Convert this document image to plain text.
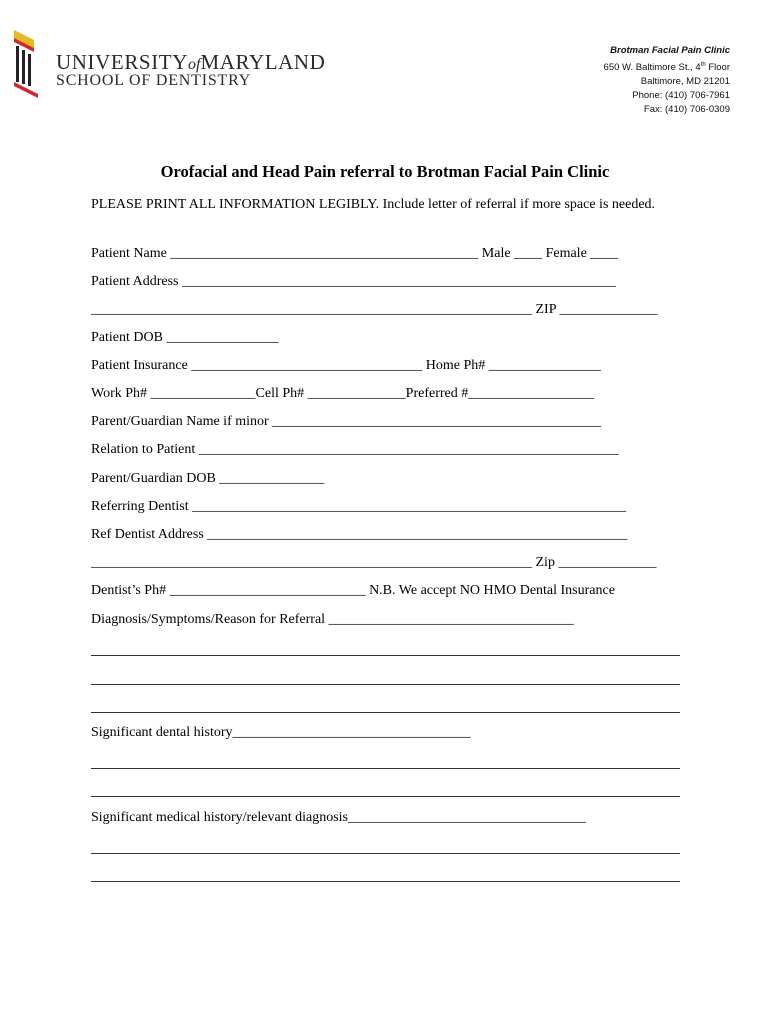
UNIVERSITYofMARYLAND
SCHOOL OF DENTISTRY
Brotman Facial Pain Clinic
650 W. Baltimore St., 4th Floor
Baltimore, MD 21201
Phone: (410) 706-7961
Fax: (410) 706-0309
Orofacial and Head Pain referral to Brotman Facial Pain Clinic
PLEASE PRINT ALL INFORMATION LEGIBLY. Include letter of referral if more space is needed.
Patient Name ____________________________________________ Male ____ Female ____
Patient Address ______________________________________________________________
_______________________________________________________________ ZIP ______________
Patient DOB ________________
Patient Insurance _________________________________ Home Ph# ________________
Work Ph# _______________Cell Ph# ______________Preferred #__________________
Parent/Guardian Name if minor _______________________________________________
Relation to Patient ____________________________________________________________
Parent/Guardian DOB _______________
Referring Dentist ______________________________________________________________
Ref Dentist Address ____________________________________________________________
_______________________________________________________________ Zip ______________
Dentist’s Ph# ____________________________ N.B. We accept NO HMO Dental Insurance
Diagnosis/Symptoms/Reason for Referral ___________________________________
Significant dental history__________________________________
Significant medical history/relevant diagnosis__________________________________
